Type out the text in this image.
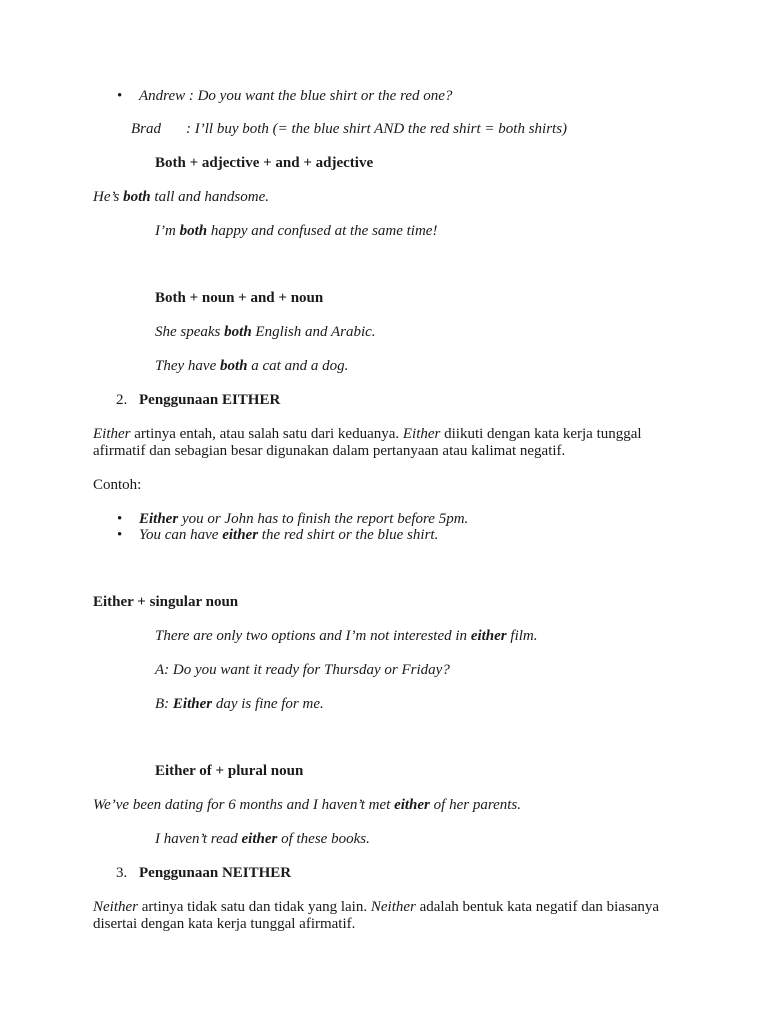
• Andrew : Do you want the blue shirt or the red one?
Brad : I’ll buy both (= the blue shirt AND the red shirt = both shirts)
Both + adjective + and + adjective
He’s both tall and handsome.
I’m both happy and confused at the same time!
Both + noun + and + noun
She speaks both English and Arabic.
They have both a cat and a dog.
2. Penggunaan EITHER
Either artinya entah, atau salah satu dari keduanya. Either diikuti dengan kata kerja tunggal afirmatif dan sebagian besar digunakan dalam pertanyaan atau kalimat negatif.
Contoh:
• Either you or John has to finish the report before 5pm.
• You can have either the red shirt or the blue shirt.
Either + singular noun
There are only two options and I’m not interested in either film.
A: Do you want it ready for Thursday or Friday?
B: Either day is fine for me.
Either of + plural noun
We’ve been dating for 6 months and I haven’t met either of her parents.
I haven’t read either of these books.
3. Penggunaan NEITHER
Neither artinya tidak satu dan tidak yang lain. Neither adalah bentuk kata negatif dan biasanya disertai dengan kata kerja tunggal afirmatif.
